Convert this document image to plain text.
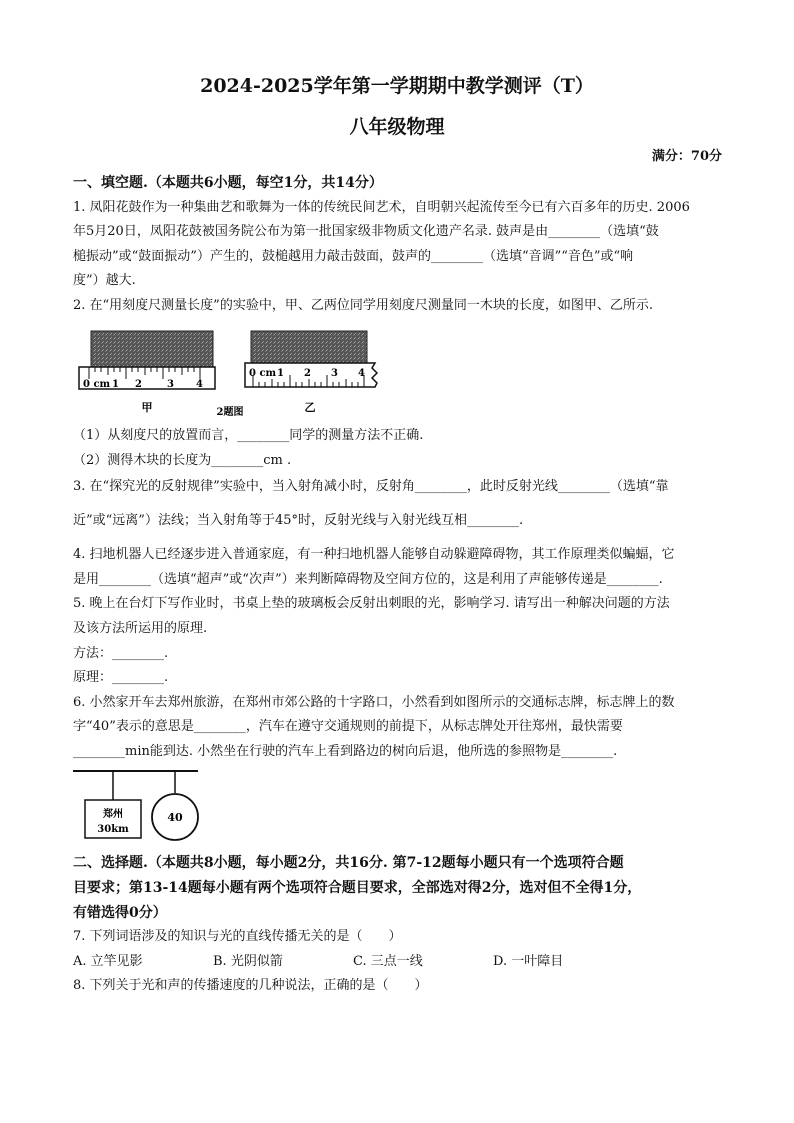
2024-2025学年第一学期期中教学测评（T）
八年级物理
满分：70分
一、填空题.（本题共6小题，每空1分，共14分）
1. 凤阳花鼓作为一种集曲艺和歌舞为一体的传统民间艺术，自明朝兴起流传至今已有六百多年的历史. 2006
年5月20日，凤阳花鼓被国务院公布为第一批国家级非物质文化遗产名录. 鼓声是由________（选填“鼓
槌振动”或“鼓面振动”）产生的，鼓槌越用力敲击鼓面，鼓声的________（选填“音调”“音色”或“响
度”）越大.
2. 在“用刻度尺测量长度”的实验中，甲、乙两位同学用刻度尺测量同一木块的长度，如图甲、乙所示.
0 cm 1 2	3 4
甲	2题图
0 cm 1 2 3 4
乙
（1）从刻度尺的放置而言，________同学的测量方法不正确.
（2）测得木块的长度为________cm .
3. 在“探究光的反射规律”实验中，当入射角减小时，反射角________，此时反射光线________（选填“靠
近”或“远离”）法线；当入射角等于45°时，反射光线与入射光线互相________.
4. 扫地机器人已经逐步进入普通家庭，有一种扫地机器人能够自动躲避障碍物，其工作原理类似蝙蝠，它
是用________（选填“超声”或“次声”）来判断障碍物及空间方位的，这是利用了声能够传递是________.
5. 晚上在台灯下写作业时，书桌上垫的玻璃板会反射出刺眼的光，影响学习. 请写出一种解决问题的方法
及该方法所运用的原理.
方法：________.
原理：________.
6. 小然家开车去郑州旅游，在郑州市郊公路的十字路口，小然看到如图所示的交通标志牌，标志牌上的数
字“40”表示的意思是________，汽车在遵守交通规则的前提下，从标志牌处开往郑州，最快需要
________min能到达. 小然坐在行驶的汽车上看到路边的树向后退，他所选的参照物是________.
郑州
30km
40
二、选择题.（本题共8小题，每小题2分，共16分. 第7-12题每小题只有一个选项符合题
目要求；第13-14题每小题有两个选项符合题目要求，全部选对得2分，选对但不全得1分，
有错选得0分）
7. 下列词语涉及的知识与光的直线传播无关的是（　　）
A. 立竿见影	B. 光阴似箭	C. 三点一线	D. 一叶障目
8. 下列关于光和声的传播速度的几种说法，正确的是（　　）
